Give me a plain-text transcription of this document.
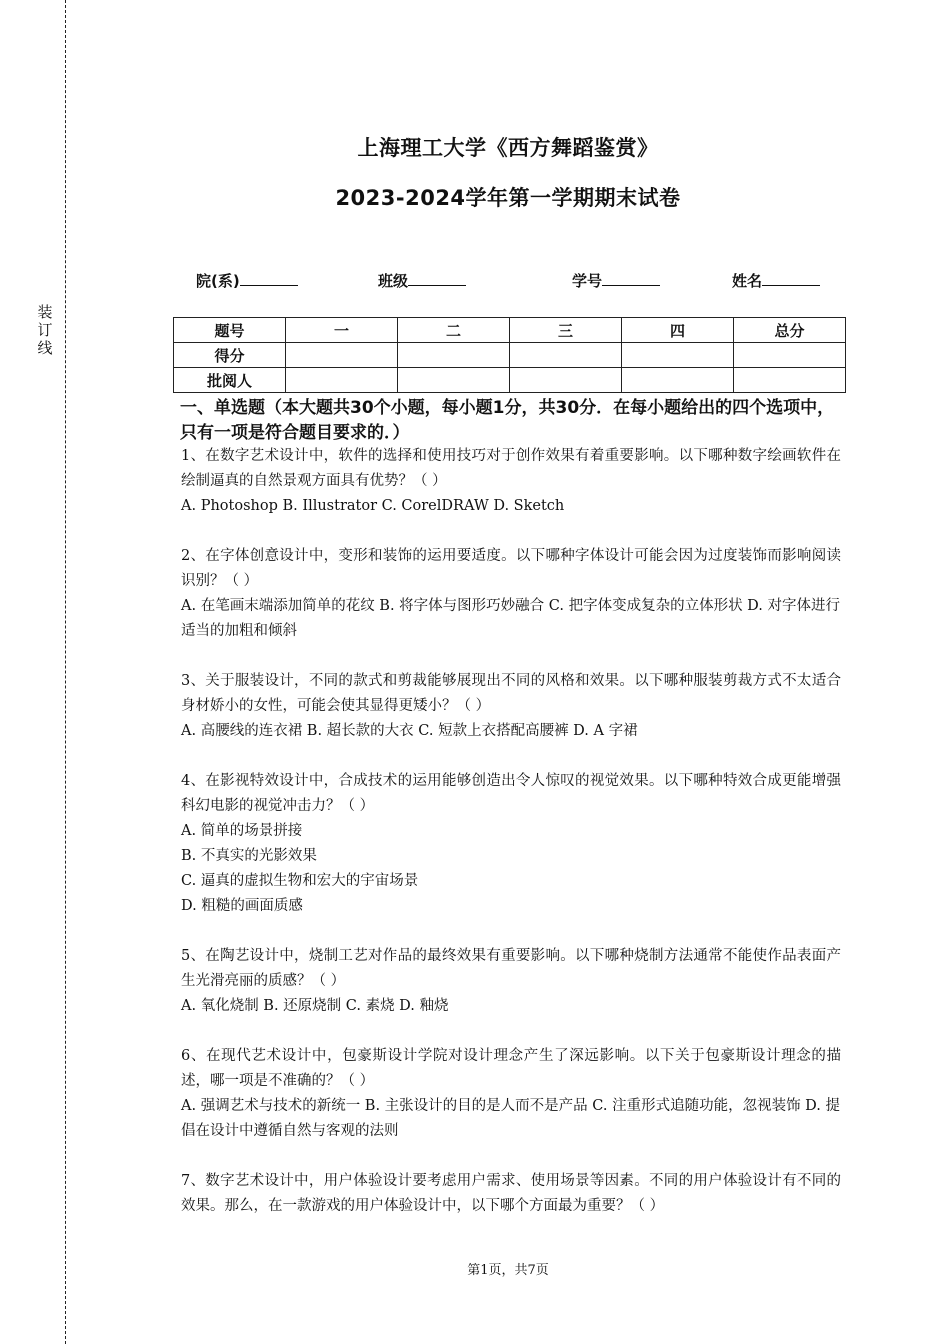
装订线
上海理工大学《西方舞蹈鉴赏》
2023-2024学年第一学期期末试卷
院(系)	班级	学号	姓名
题号	一	二	三	四	总分
得分					
批阅人					
一、单选题（本大题共30个小题，每小题1分，共30分．在每小题给出的四个选项中，只有一项是符合题目要求的．）
1、在数字艺术设计中，软件的选择和使用技巧对于创作效果有着重要影响。以下哪种数字绘画软件在绘制逼真的自然景观方面具有优势？（ ）
A. Photoshop B. Illustrator C. CorelDRAW D. Sketch
2、在字体创意设计中，变形和装饰的运用要适度。以下哪种字体设计可能会因为过度装饰而影响阅读识别？（ ）
A. 在笔画末端添加简单的花纹 B. 将字体与图形巧妙融合 C. 把字体变成复杂的立体形状 D. 对字体进行适当的加粗和倾斜
3、关于服装设计，不同的款式和剪裁能够展现出不同的风格和效果。以下哪种服装剪裁方式不太适合身材娇小的女性，可能会使其显得更矮小？（ ）
A. 高腰线的连衣裙 B. 超长款的大衣 C. 短款上衣搭配高腰裤 D. A 字裙
4、在影视特效设计中，合成技术的运用能够创造出令人惊叹的视觉效果。以下哪种特效合成更能增强科幻电影的视觉冲击力？（ ）
A. 简单的场景拼接
B. 不真实的光影效果
C. 逼真的虚拟生物和宏大的宇宙场景
D. 粗糙的画面质感
5、在陶艺设计中，烧制工艺对作品的最终效果有重要影响。以下哪种烧制方法通常不能使作品表面产生光滑亮丽的质感？（ ）
A. 氧化烧制 B. 还原烧制 C. 素烧 D. 釉烧
6、在现代艺术设计中，包豪斯设计学院对设计理念产生了深远影响。以下关于包豪斯设计理念的描述，哪一项是不准确的？（ ）
A. 强调艺术与技术的新统一 B. 主张设计的目的是人而不是产品 C. 注重形式追随功能，忽视装饰 D. 提倡在设计中遵循自然与客观的法则
7、数字艺术设计中，用户体验设计要考虑用户需求、使用场景等因素。不同的用户体验设计有不同的效果。那么，在一款游戏的用户体验设计中，以下哪个方面最为重要？（ ）
第1页，共7页
